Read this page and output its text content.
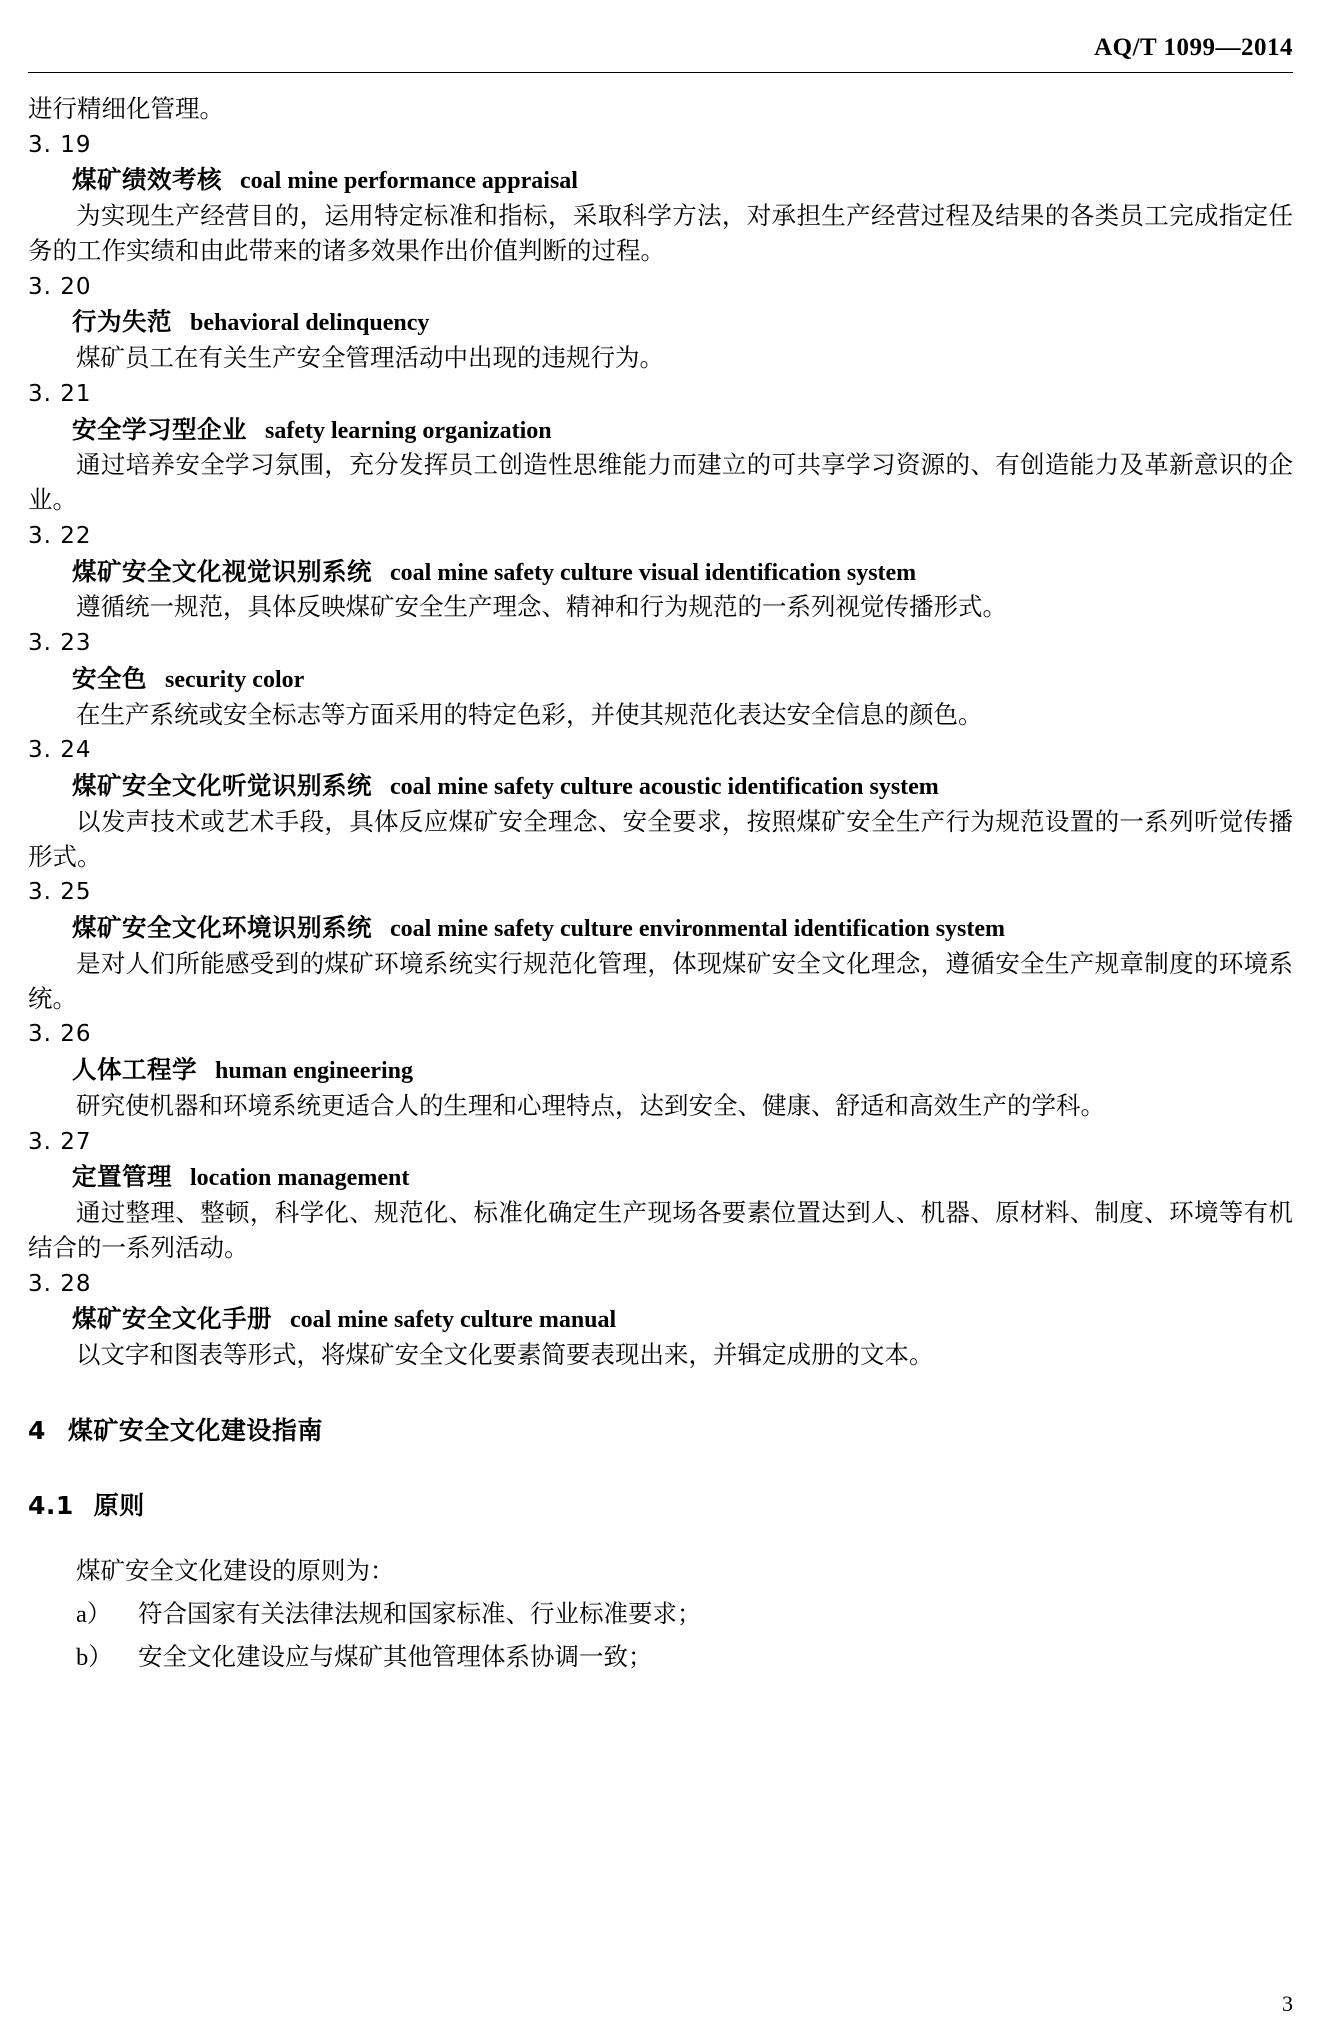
AQ/T 1099—2014

进行精细化管理。

3. 19

煤矿绩效考核 coal mine performance appraisal

为实现生产经营目的，运用特定标准和指标，采取科学方法，对承担生产经营过程及结果的各类员工完成指定任务的工作实绩和由此带来的诸多效果作出价值判断的过程。

3. 20

行为失范 behavioral delinquency

煤矿员工在有关生产安全管理活动中出现的违规行为。

3. 21

安全学习型企业 safety learning organization

通过培养安全学习氛围，充分发挥员工创造性思维能力而建立的可共享学习资源的、有创造能力及革新意识的企业。

3. 22

煤矿安全文化视觉识别系统 coal mine safety culture visual identification system

遵循统一规范，具体反映煤矿安全生产理念、精神和行为规范的一系列视觉传播形式。

3. 23

安全色 security color

在生产系统或安全标志等方面采用的特定色彩，并使其规范化表达安全信息的颜色。

3. 24

煤矿安全文化听觉识别系统 coal mine safety culture acoustic identification system

以发声技术或艺术手段，具体反应煤矿安全理念、安全要求，按照煤矿安全生产行为规范设置的一系列听觉传播形式。

3. 25

煤矿安全文化环境识别系统 coal mine safety culture environmental identification system

是对人们所能感受到的煤矿环境系统实行规范化管理，体现煤矿安全文化理念，遵循安全生产规章制度的环境系统。

3. 26

人体工程学 human engineering

研究使机器和环境系统更适合人的生理和心理特点，达到安全、健康、舒适和高效生产的学科。

3. 27

定置管理 location management

通过整理、整顿，科学化、规范化、标准化确定生产现场各要素位置达到人、机器、原材料、制度、环境等有机结合的一系列活动。

3. 28

煤矿安全文化手册 coal mine safety culture manual

以文字和图表等形式，将煤矿安全文化要素简要表现出来，并辑定成册的文本。

4 煤矿安全文化建设指南

4.1 原则

煤矿安全文化建设的原则为：

a） 符合国家有关法律法规和国家标准、行业标准要求；

b） 安全文化建设应与煤矿其他管理体系协调一致；

3
